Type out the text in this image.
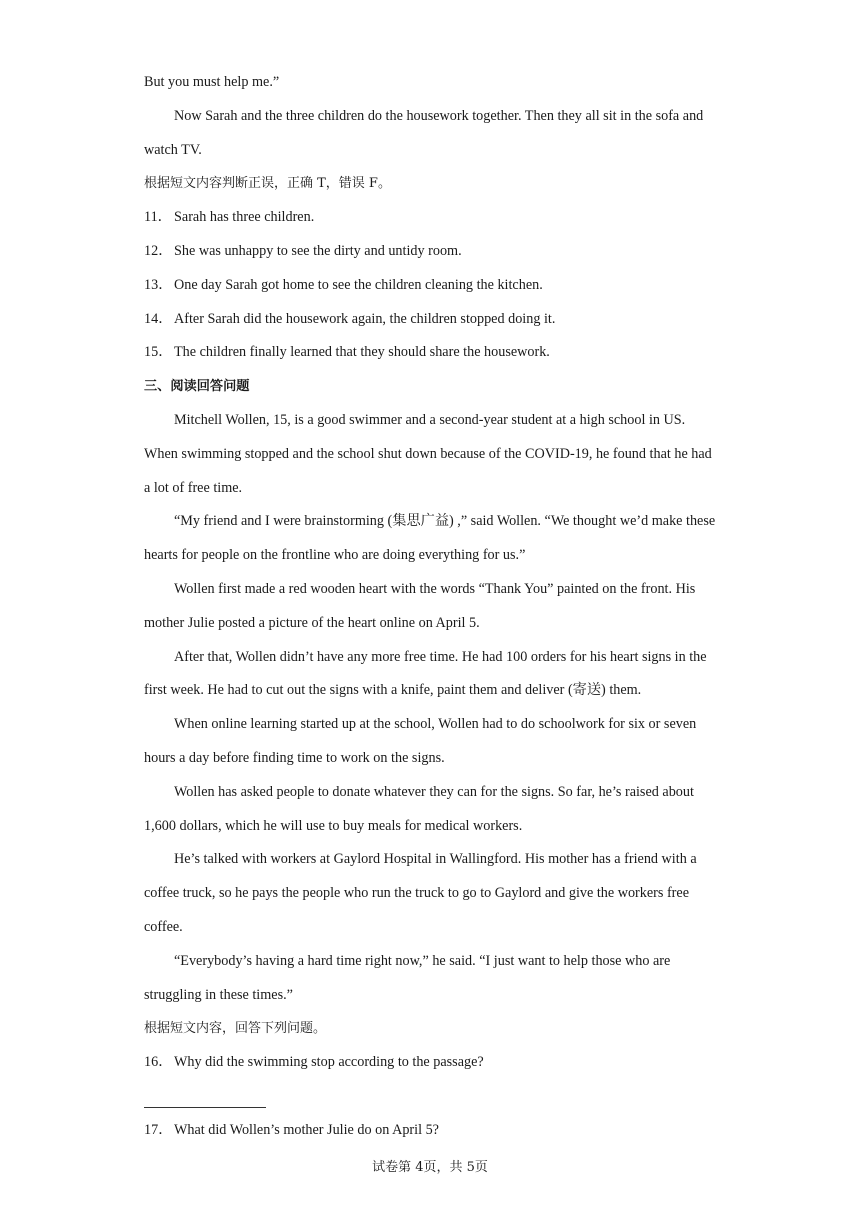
But you must help me.”

Now Sarah and the three children do the housework together. Then they all sit in the sofa and watch TV.

根据短文内容判断正误，正确 T，错误 F。

11． Sarah has three children.

12． She was unhappy to see the dirty and untidy room.

13． One day Sarah got home to see the children cleaning the kitchen.

14． After Sarah did the housework again, the children stopped doing it.

15． The children finally learned that they should share the housework.

三、阅读回答问题

Mitchell Wollen, 15, is a good swimmer and a second-year student at a high school in US. When swimming stopped and the school shut down because of the COVID-19, he found that he had a lot of free time.

“My friend and I were brainstorming (集思广益) ,” said Wollen. “We thought we’d make these hearts for people on the frontline who are doing everything for us.”

Wollen first made a red wooden heart with the words “Thank You” painted on the front. His mother Julie posted a picture of the heart online on April 5.

After that, Wollen didn’t have any more free time. He had 100 orders for his heart signs in the first week. He had to cut out the signs with a knife, paint them and deliver (寄送) them.

When online learning started up at the school, Wollen had to do schoolwork for six or seven hours a day before finding time to work on the signs.

Wollen has asked people to donate whatever they can for the signs. So far, he’s raised about 1,600 dollars, which he will use to buy meals for medical workers.

He’s talked with workers at Gaylord Hospital in Wallingford. His mother has a friend with a coffee truck, so he pays the people who run the truck to go to Gaylord and give the workers free coffee.

“Everybody’s having a hard time right now,” he said. “I just want to help those who are struggling in these times.”

根据短文内容，回答下列问题。

16． Why did the swimming stop according to the passage?

17． What did Wollen’s mother Julie do on April 5?

试卷第 4页，共 5页
